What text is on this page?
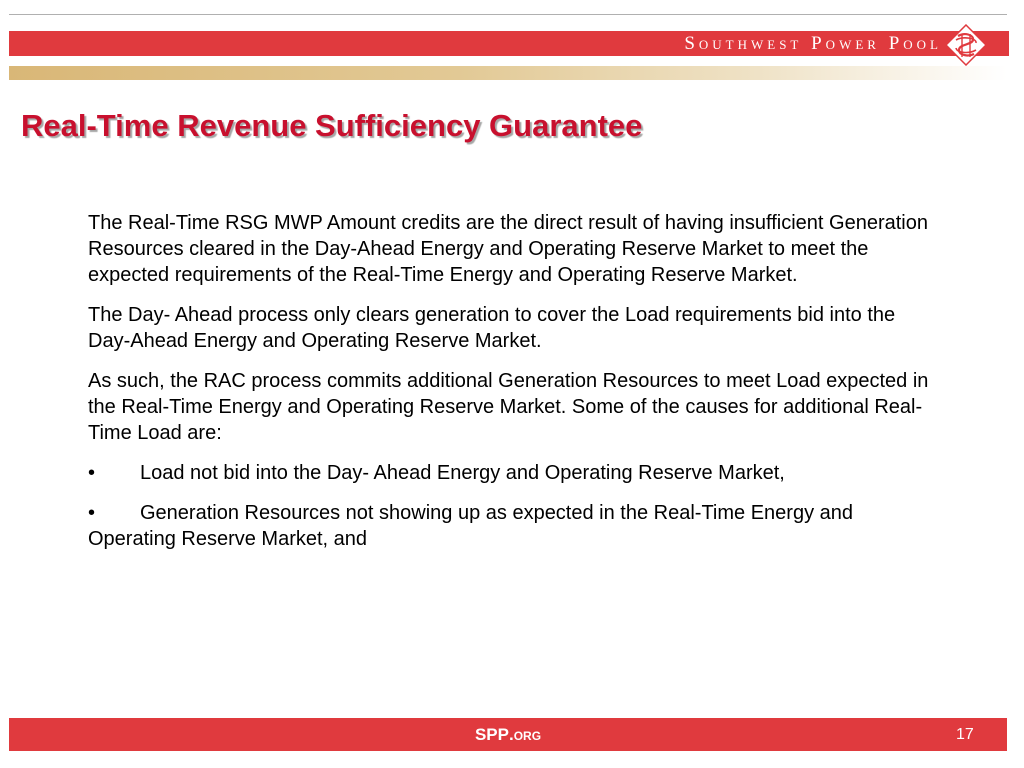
Southwest Power Pool
Real-Time Revenue Sufficiency Guarantee

The Real-Time RSG MWP Amount credits are the direct result of having insufficient Generation Resources cleared in the Day-Ahead Energy and Operating Reserve Market to meet the expected requirements of the Real-Time Energy and Operating Reserve Market.

The Day- Ahead process only clears generation to cover the Load requirements bid into the Day-Ahead Energy and Operating Reserve Market.

As such, the RAC process commits additional Generation Resources to meet Load expected in the Real-Time Energy and Operating Reserve Market. Some of the causes for additional Real-Time Load are:

• Load not bid into the Day- Ahead Energy and Operating Reserve Market,

• Generation Resources not showing up as expected in the Real-Time Energy and Operating Reserve Market, and

SPP.org	17
